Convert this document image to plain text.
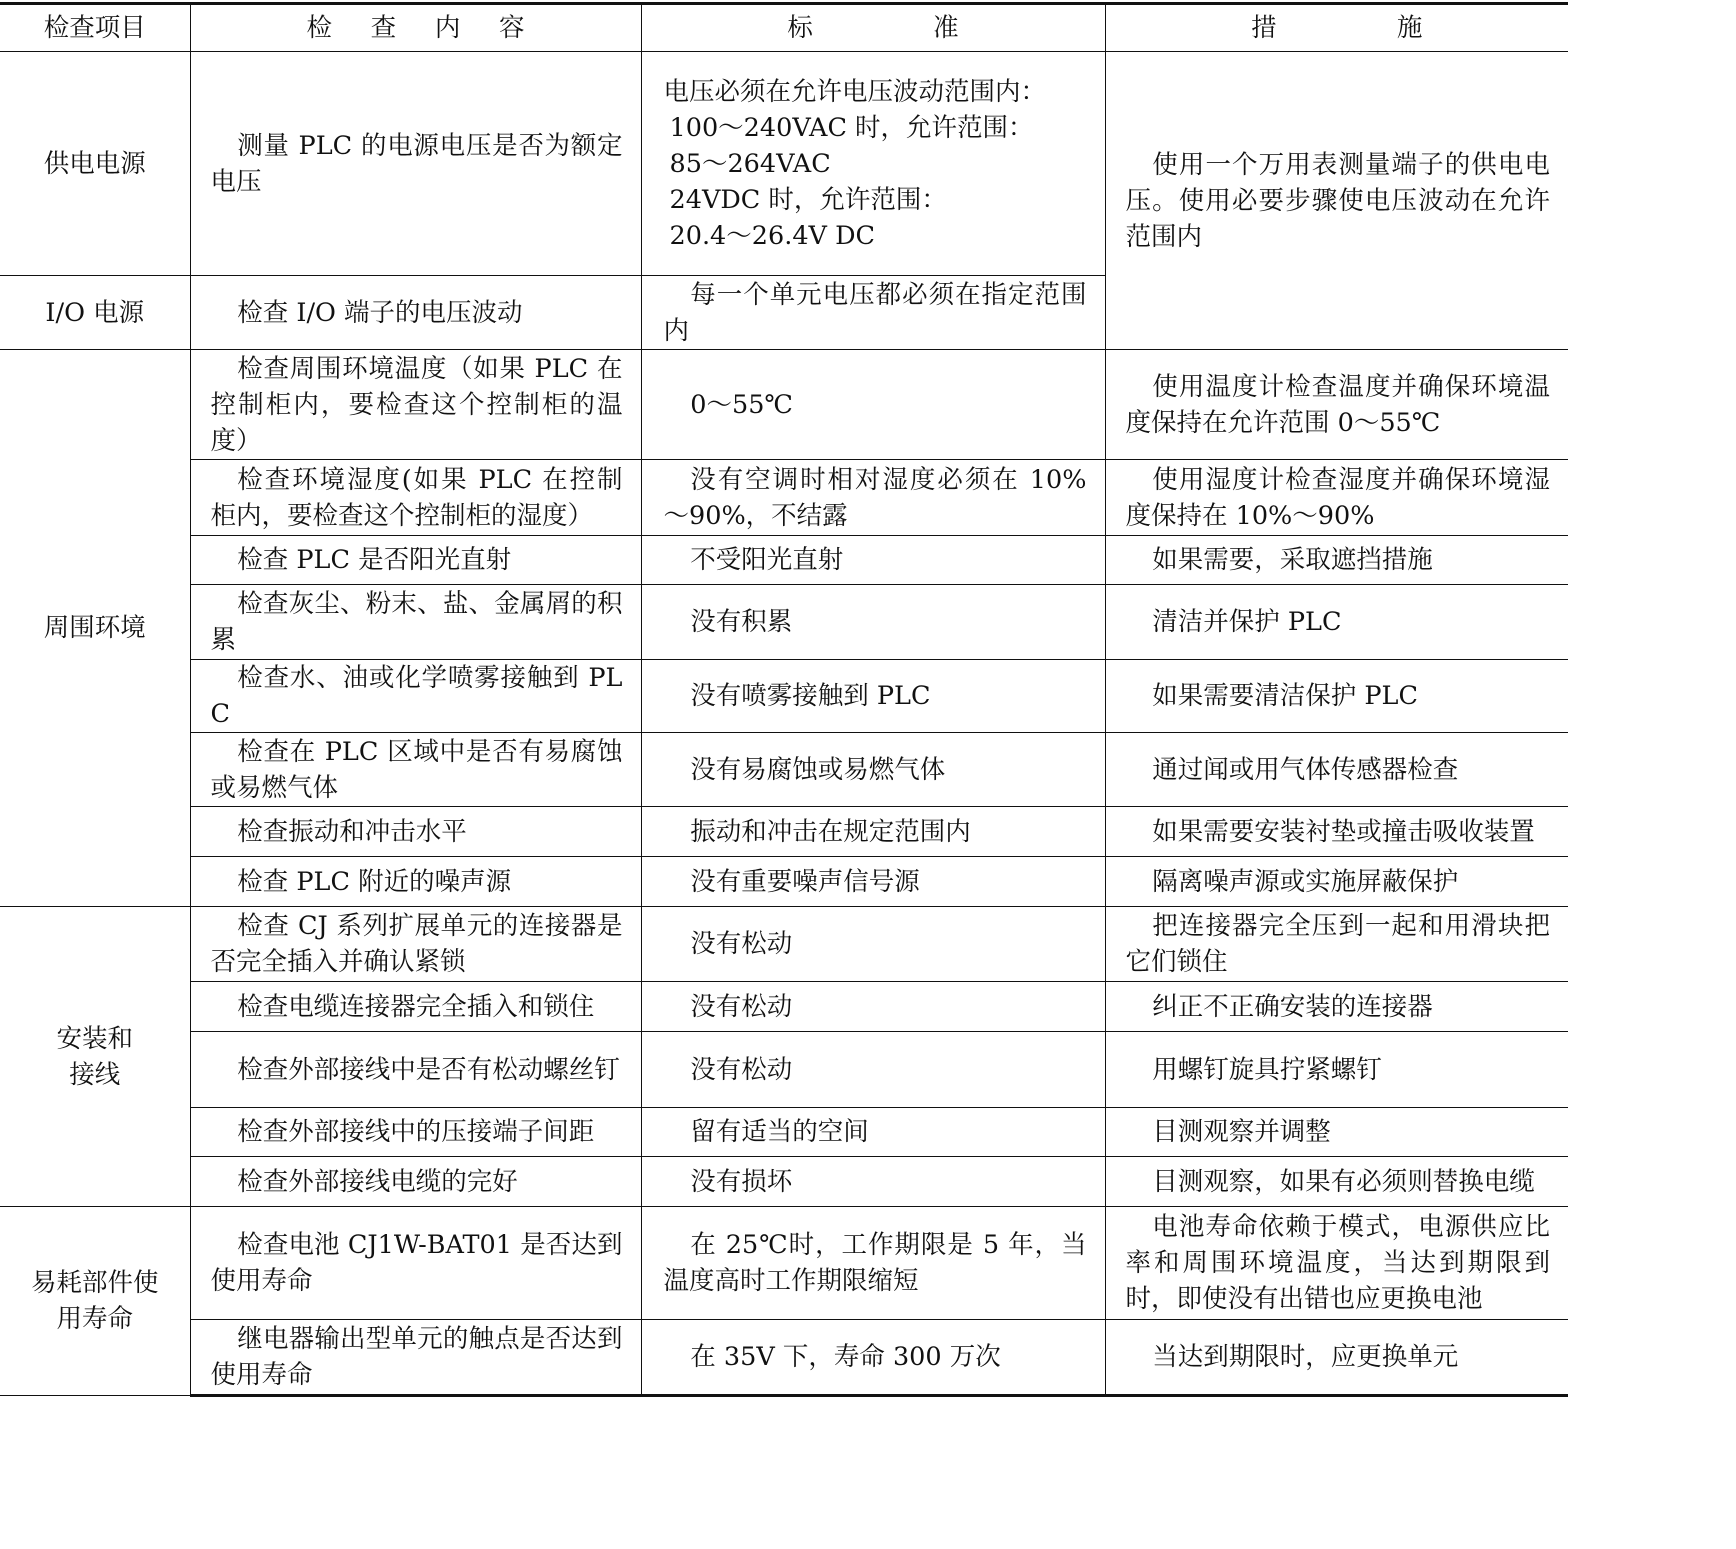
检查项目	检 查 内 容	标 准	措 施
供电电源	测量 PLC 的电源电压是否为额定电压	电压必须在允许电压波动范围内：
100～240VAC 时，允许范围：
85～264VAC
24VDC 时，允许范围：
20.4～26.4V DC	使用一个万用表测量端子的供电电压。使用必要步骤使电压波动在允许范围内
I/O 电源	检查 I/O 端子的电压波动	每一个单元电压都必须在指定范围内	
周围环境	检查周围环境温度（如果 PLC 在控制柜内，要检查这个控制柜的温度）	0～55℃	使用温度计检查温度并确保环境温度保持在允许范围 0～55℃
	检查环境湿度(如果 PLC 在控制柜内，要检查这个控制柜的湿度）	没有空调时相对湿度必须在 10%～90%，不结露	使用湿度计检查湿度并确保环境湿度保持在 10%～90%
	检查 PLC 是否阳光直射	不受阳光直射	如果需要，采取遮挡措施
	检查灰尘、粉末、盐、金属屑的积累	没有积累	清洁并保护 PLC
	检查水、油或化学喷雾接触到 PLC	没有喷雾接触到 PLC	如果需要清洁保护 PLC
	检查在 PLC 区域中是否有易腐蚀或易燃气体	没有易腐蚀或易燃气体	通过闻或用气体传感器检查
	检查振动和冲击水平	振动和冲击在规定范围内	如果需要安装衬垫或撞击吸收装置
	检查 PLC 附近的噪声源	没有重要噪声信号源	隔离噪声源或实施屏蔽保护

安装和
接线	检查 CJ 系列扩展单元的连接器是否完全插入并确认紧锁	没有松动	把连接器完全压到一起和用滑块把它们锁住
	检查电缆连接器完全插入和锁住	没有松动	纠正不正确安装的连接器
	检查外部接线中是否有松动螺丝钉	没有松动	用螺钉旋具拧紧螺钉
	检查外部接线中的压接端子间距	留有适当的空间	目测观察并调整
	检查外部接线电缆的完好	没有损坏	目测观察，如果有必须则替换电缆

易耗部件使
用寿命	检查电池 CJ1W-BAT01 是否达到使用寿命	在 25℃时，工作期限是 5 年，当温度高时工作期限缩短	电池寿命依赖于模式，电源供应比率和周围环境温度，当达到期限到时，即使没有出错也应更换电池
	继电器输出型单元的触点是否达到使用寿命	在 35V 下，寿命 300 万次	当达到期限时，应更换单元
